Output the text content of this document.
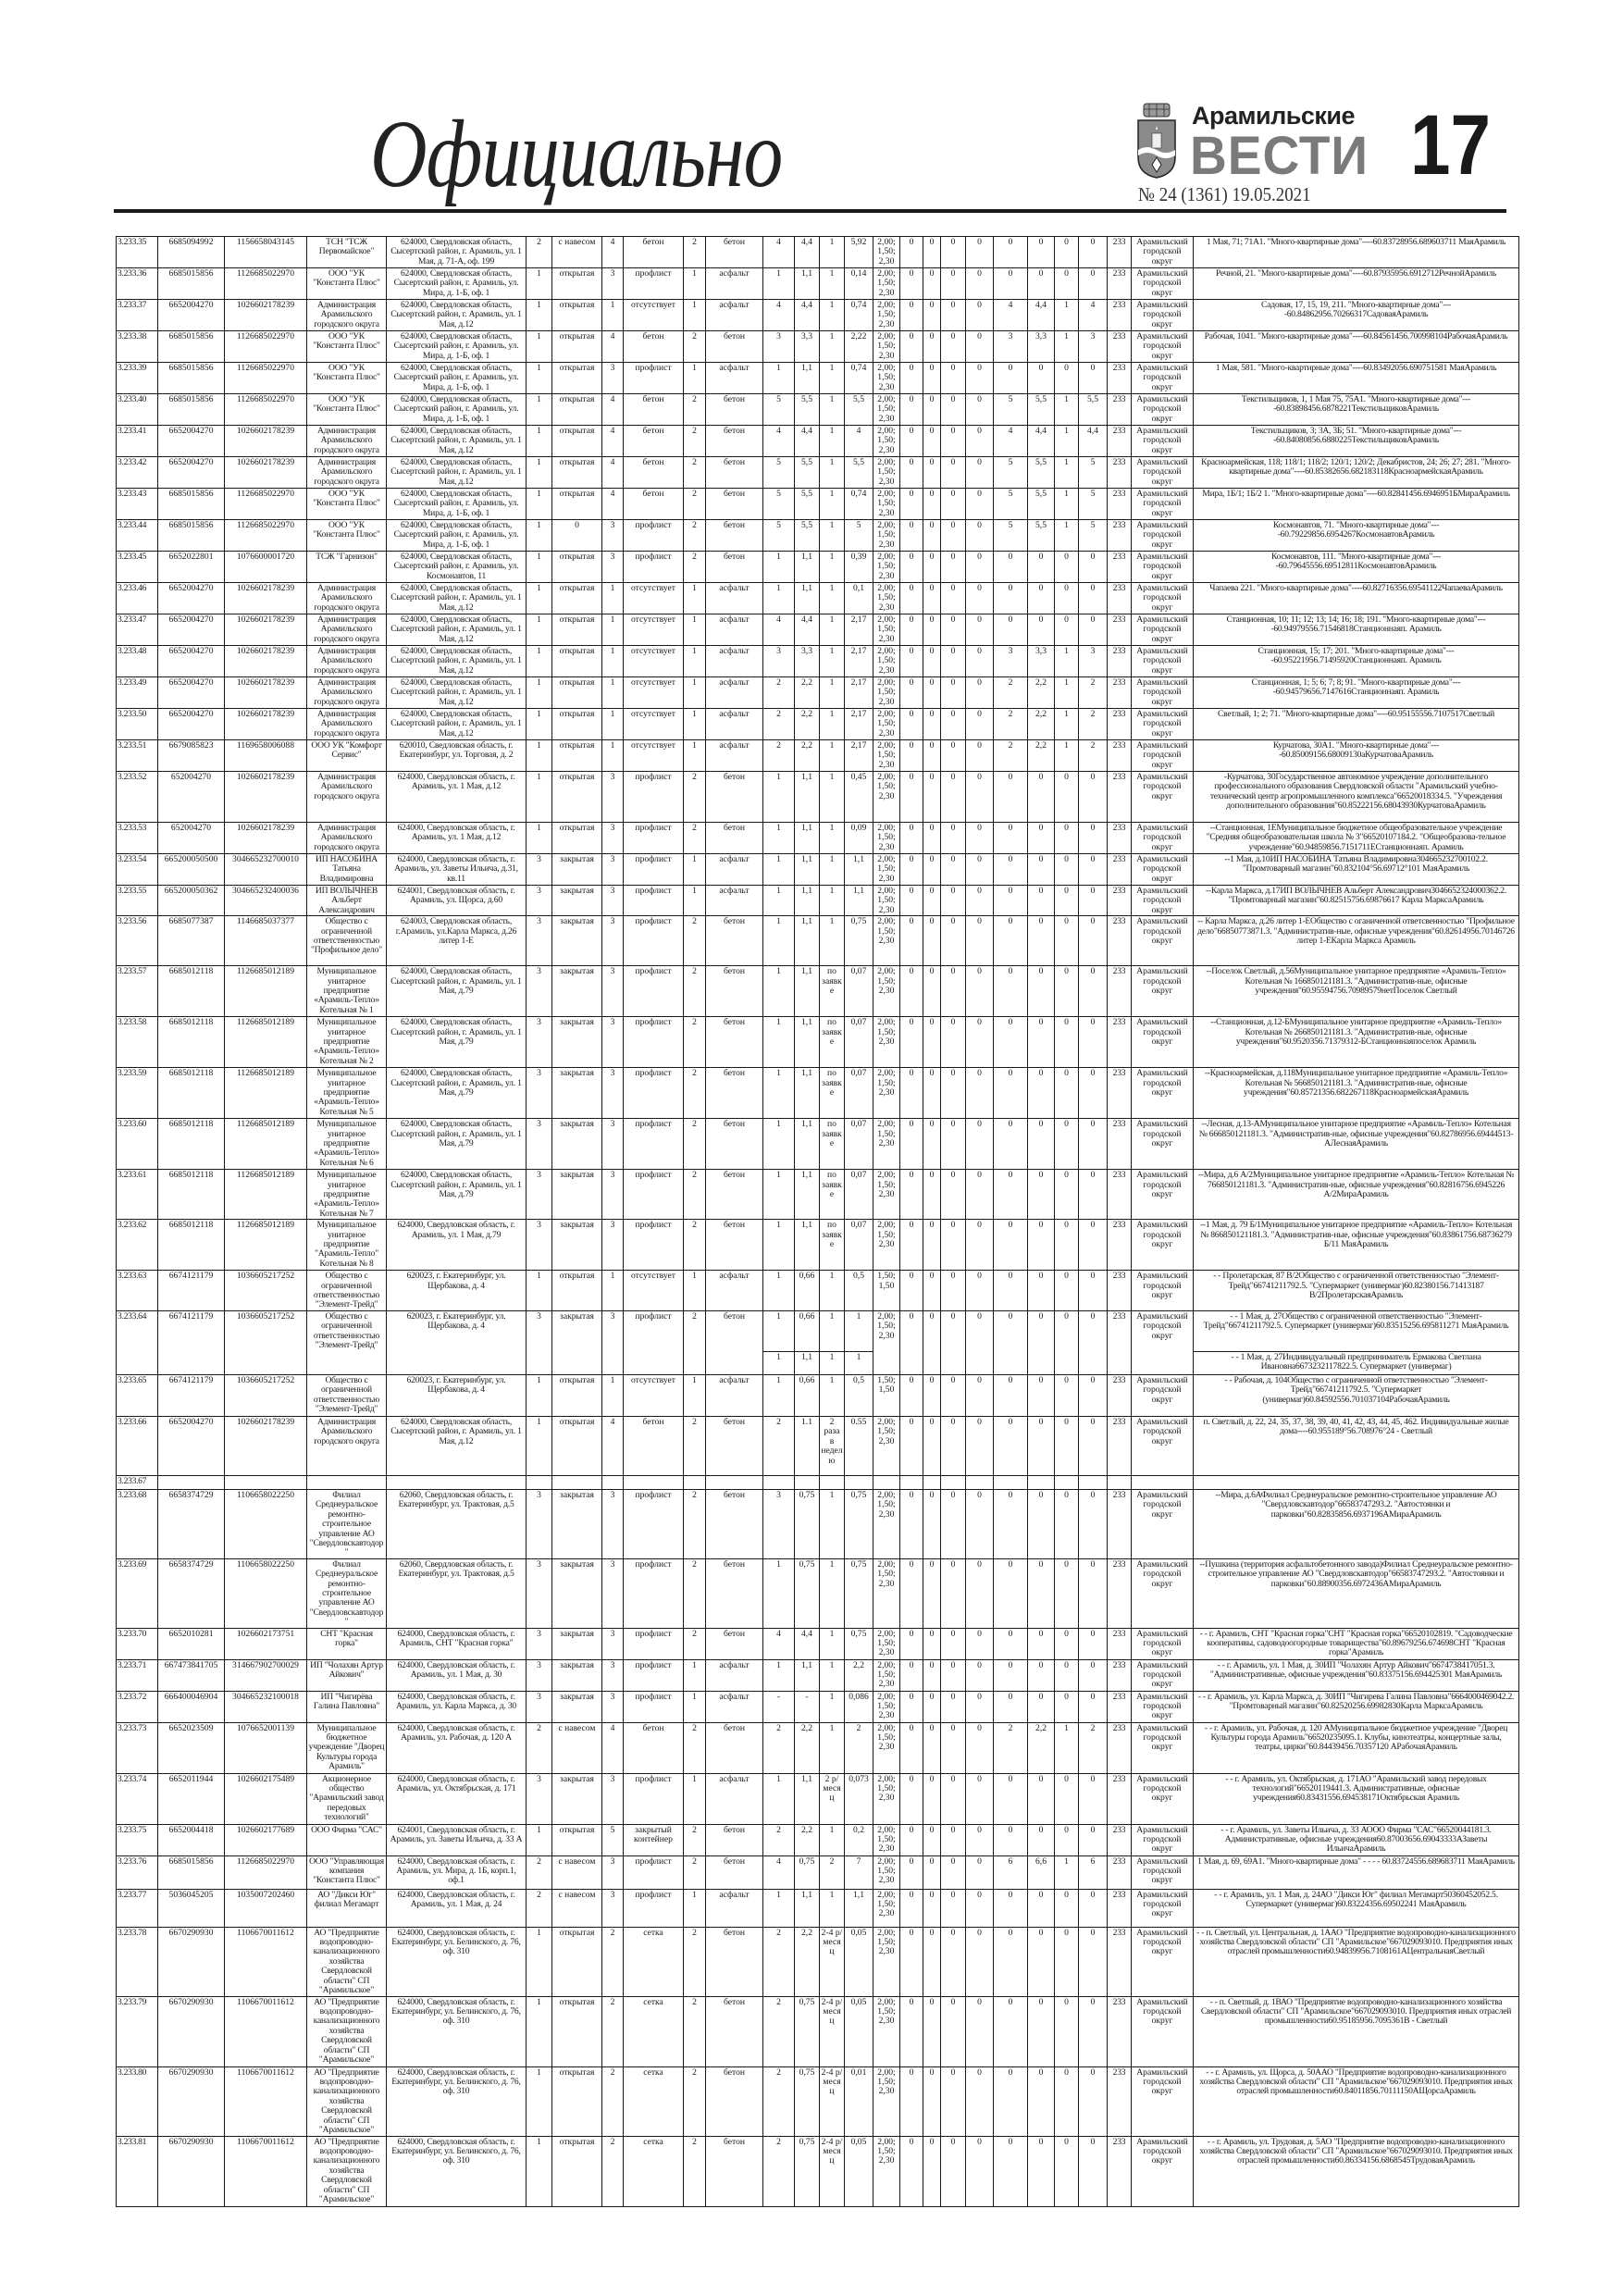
Официально	Арамильские
ВЕСТИ 17
№ 24 (1361) 19.05.2021
3.233.35	6685094992	1156658043145	ТСН "ТСЖ Первомайское"	624000, Свердловская область, Сысертский район, г. Арамиль, ул. 1 Мая, д. 71-А, оф. 199	2	с навесом	4	бетон	2	бетон	4	4,4	1	5,92	2,00; 1,50; 2,30	0	0	0	0	0	0	0	0	233	Арамильский городской округ	1 Мая, 71; 71А1. "Много-квартирные дома"----60.83728956.689603711 МаяАрамиль
3.233.36	6685015856	1126685022970	ООО "УК "Константа Плюс"	624000, Свердловская область, Сысертский район, г. Арамиль, ул. Мира, д. 1-Б, оф. 1	1	открытая	3	профлист	1	асфальт	1	1,1	1	0,14	2,00; 1,50; 2,30	0	0	0	0	0	0	0	0	233	Арамильский городской округ	Речной, 21. "Много-квартирные дома"----60.87935956.6912712РечнойАрамиль
3.233.37	6652004270	1026602178239	Администрация Арамильского городского округа	624000, Свердловская область, Сысертский район, г. Арамиль, ул. 1 Мая, д.12	1	открытая	1	отсутствует	1	асфальт	4	4,4	1	0,74	2,00; 1,50; 2,30	0	0	0	0	4	4,4	1	4	233	Арамильский городской округ	Садовая, 17, 15, 19, 211. "Много-квартирные дома"----60.84862956.70266317СадоваяАрамиль
3.233.38	6685015856	1126685022970	ООО "УК "Константа Плюс"	624000, Свердловская область, Сысертский район, г. Арамиль, ул. Мира, д. 1-Б, оф. 1	1	открытая	4	бетон	2	бетон	3	3,3	1	2,22	2,00; 1,50; 2,30	0	0	0	0	3	3,3	1	3	233	Арамильский городской округ	Рабочая, 1041. "Много-квартирные дома"----60.84561456.700998104РабочаяАрамиль
3.233.39	6685015856	1126685022970	ООО "УК "Константа Плюс"	624000, Свердловская область, Сысертский район, г. Арамиль, ул. Мира, д. 1-Б, оф. 1	1	открытая	3	профлист	1	асфальт	1	1,1	1	0,74	2,00; 1,50; 2,30	0	0	0	0	0	0	0	0	233	Арамильский городской округ	1 Мая, 581. "Много-квартирные дома"----60.83492056.690751581 МаяАрамиль
3.233.40	6685015856	1126685022970	ООО "УК "Константа Плюс"	624000, Свердловская область, Сысертский район, г. Арамиль, ул. Мира, д. 1-Б, оф. 1	1	открытая	4	бетон	2	бетон	5	5,5	1	5,5	2,00; 1,50; 2,30	0	0	0	0	5	5,5	1	5,5	233	Арамильский городской округ	Текстильщиков, 1, 1 Мая 75, 75А1. "Много-квартирные дома"----60.83898456.6878221ТекстильщиковАрамиль
3.233.41	6652004270	1026602178239	Администрация Арамильского городского округа	624000, Свердловская область, Сысертский район, г. Арамиль, ул. 1 Мая, д.12	1	открытая	4	бетон	2	бетон	4	4,4	1	4	2,00; 1,50; 2,30	0	0	0	0	4	4,4	1	4,4	233	Арамильский городской округ	Текстильщиков, 3; 3А, 3Б; 51. "Много-квартирные дома"----60.84080856.6880225ТекстильщиковАрамиль
3.233.42	6652004270	1026602178239	Администрация Арамильского городского округа	624000, Свердловская область, Сысертский район, г. Арамиль, ул. 1 Мая, д.12	1	открытая	4	бетон	2	бетон	5	5,5	1	5,5	2,00; 1,50; 2,30	0	0	0	0	5	5,5	1	5	233	Арамильский городской округ	Красноармейская, 118; 118/1; 118/2; 120/1; 120/2; Декабристов, 24; 26; 27; 281. "Много-квартирные дома"----60.85382656.682183118КрасноармейскаяАрамиль
3.233.43	6685015856	1126685022970	ООО "УК "Константа Плюс"	624000, Свердловская область, Сысертский район, г. Арамиль, ул. Мира, д. 1-Б, оф. 1	1	открытая	4	бетон	2	бетон	5	5,5	1	0,74	2,00; 1,50; 2,30	0	0	0	0	5	5,5	1	5	233	Арамильский городской округ	Мира, 1Б/1; 1Б/2 1. "Много-квартирные дома"----60.82841456.6946951БМираАрамиль
3.233.44	6685015856	1126685022970	ООО "УК "Константа Плюс"	624000, Свердловская область, Сысертский район, г. Арамиль, ул. Мира, д. 1-Б, оф. 1	1	0	3	профлист	2	бетон	5	5,5	1	5	2,00; 1,50; 2,30	0	0	0	0	5	5,5	1	5	233	Арамильский городской округ	Космонавтов, 71. "Много-квартирные дома"----60.79229856.6954267КосмонавтовАрамиль
3.233.45	6652022801	1076600001720	ТСЖ "Гарнизон"	624000, Свердловская область, Сысертский район, г. Арамиль, ул. Космонавтов, 11	1	открытая	3	профлист	2	бетон	1	1,1	1	0,39	2,00; 1,50; 2,30	0	0	0	0	0	0	0	0	233	Арамильский городской округ	Космонавтов, 111. "Много-квартирные дома"----60.79645556.69512811КосмонавтовАрамиль
3.233.46	6652004270	1026602178239	Администрация Арамильского городского округа	624000, Свердловская область, Сысертский район, г. Арамиль, ул. 1 Мая, д.12	1	открытая	1	отсутствует	1	асфальт	1	1,1	1	0,1	2,00; 1,50; 2,30	0	0	0	0	0	0	0	0	233	Арамильский городской округ	Чапаева 221. "Много-квартирные дома"----60.82716356.69541122ЧапаеваАрамиль
3.233.47	6652004270	1026602178239	Администрация Арамильского городского округа	624000, Свердловская область, Сысертский район, г. Арамиль, ул. 1 Мая, д.12	1	открытая	1	отсутствует	1	асфальт	4	4,4	1	2,17	2,00; 1,50; 2,30	0	0	0	0	0	0	0	0	233	Арамильский городской округ	Станционная, 10; 11; 12; 13; 14; 16; 18; 191. "Много-квартирные дома"----60.94979556.71546818Станционнаяп. Арамиль
3.233.48	6652004270	1026602178239	Администрация Арамильского городского округа	624000, Свердловская область, Сысертский район, г. Арамиль, ул. 1 Мая, д.12	1	открытая	1	отсутствует	1	асфальт	3	3,3	1	2,17	2,00; 1,50; 2,30	0	0	0	0	3	3,3	1	3	233	Арамильский городской округ	Станционная, 15; 17; 201. "Много-квартирные дома"----60.95221956.71495920Станционнаяп. Арамиль
3.233.49	6652004270	1026602178239	Администрация Арамильского городского округа	624000, Свердловская область, Сысертский район, г. Арамиль, ул. 1 Мая, д.12	1	открытая	1	отсутствует	1	асфальт	2	2,2	1	2,17	2,00; 1,50; 2,30	0	0	0	0	2	2,2	1	2	233	Арамильский городской округ	Станционная, 1; 5; 6; 7; 8; 91. "Много-квартирные дома"----60.94579656.7147616Станционнаяп. Арамиль
3.233.50	6652004270	1026602178239	Администрация Арамильского городского округа	624000, Свердловская область, Сысертский район, г. Арамиль, ул. 1 Мая, д.12	1	открытая	1	отсутствует	1	асфальт	2	2,2	1	2,17	2,00; 1,50; 2,30	0	0	0	0	2	2,2	1	2	233	Арамильский городской округ	Светлый, 1; 2; 71. "Много-квартирные дома"----60.95155556.7107517Светлый
3.233.51	6679085823	1169658006088	ООО УК "Комфорт Сервис"	620010, Сведловская область, г. Екатеринбург, ул. Торговая, д. 2	1	открытая	1	отсутствует	1	асфальт	2	2,2	1	2,17	2,00; 1,50; 2,30	0	0	0	0	2	2,2	1	2	233	Арамильский городской округ	Курчатова, 30А1. "Много-квартирные дома"----60.85009156.68009130аКурчатоваАрамиль
3.233.52	652004270	1026602178239	Администрация Арамильского городского округа	624000, Свердловская область, г. Арамиль, ул. 1 Мая, д.12	1	открытая	3	профлист	2	бетон	1	1,1	1	0,45	2,00; 1,50; 2,30	0	0	0	0	0	0	0	0	233	Арамильский городской округ	-Курчатова, 30Государственное автономное учреждение дополнительного профессионального образования Свердловской области "Арамильский учебно-технический центр агропромышленного комплекса"66520018334.5. "Учреждения дополнительного образования"60.85222156.68043930КурчатоваАрамиль
3.233.53	652004270	1026602178239	Администрация Арамильского городского округа	624000, Свердловская область, г. Арамиль, ул. 1 Мая, д.12	1	открытая	3	профлист	2	бетон	1	1,1	1	0,09	2,00; 1,50; 2,30	0	0	0	0	0	0	0	0	233	Арамильский городской округ	--Станционная, 1ЕМуниципальное бюджетное общеобразовательное учреждение "Средняя общеобразовательная школа № 3"66520107184.2. "Общеобразова-тельное учреждение"60.94859856.7151711ЕСтанционнаяп. Арамиль
3.233.54	665200050500	304665232700010	ИП НАСОБИНА Татьяна Владимировна	624000, Свердловская область, г. Арамиль, ул. Заветы Ильича, д.31, кв.11	3	закрытая	3	профлист	1	асфальт	1	1,1	1	1,1	2,00; 1,50; 2,30	0	0	0	0	0	0	0	0	233	Арамильский городской округ	--1 Мая, д.10ИП НАСОБИНА Татьяна Владимировна304665232700102.2. "Промтоварный магазин"60.832104°56.69712°101 МаяАрамиль
3.233.55	665200050362	304665232400036	ИП ВОЛЫЧНЕВ Альберт Александрович	624001, Свердловская область, г. Арамиль, ул. Щорса, д.60	3	закрытая	3	профлист	1	асфальт	1	1,1	1	1,1	2,00; 1,50; 2,30	0	0	0	0	0	0	0	0	233	Арамильский городской округ	--Карла Маркса, д.17ИП ВОЛЫЧНЕВ Альберт Александрович3046652324000362.2. "Промтоварный магазин"60.82515756.69876617 Карла МарксаАрамиль
3.233.56	6685077387	1146685037377	Общество с ограниченной ответственностью "Профильное дело"	624003, Свердловская область, г.Арамиль, ул.Карла Маркса, д.26 литер 1-Е	3	закрытая	3	профлист	2	бетон	1	1,1	1	0,75	2,00; 1,50; 2,30	0	0	0	0	0	0	0	0	233	Арамильский городской округ	-- Карла Маркса, д.26 литер 1-ЕОбщество с оганиченной ответсвенностью "Профильное дело"66850773871.3. "Административ-ные, офисные учреждения"60.82614956.70146726 литер 1-ЕКарла Маркса Арамиль
3.233.57	6685012118	1126685012189	Муниципальное унитарное предприятие «Арамиль-Тепло» Котельная № 1	624000, Свердловская область, Сысертский район, г. Арамиль, ул. 1 Мая, д.79	3	закрытая	3	профлист	2	бетон	1	1,1	по заявке	0,07	2,00; 1,50; 2,30	0	0	0	0	0	0	0	0	233	Арамильский городской округ	--Поселок Светлый, д.56Муниципальное унитарное предприятие «Арамиль-Тепло» Котельная № 166850121181.3. "Административ-ные, офисные учреждения"60.95594756.70989579нетПоселок Светлый
3.233.58	6685012118	1126685012189	Муниципальное унитарное предприятие «Арамиль-Тепло» Котельная № 2	624000, Свердловская область, Сысертский район, г. Арамиль, ул. 1 Мая, д.79	3	закрытая	3	профлист	2	бетон	1	1,1	по заявке	0,07	2,00; 1,50; 2,30	0	0	0	0	0	0	0	0	233	Арамильский городской округ	--Станционная, д.12-БМуниципальное унитарное предприятие «Арамиль-Тепло» Котельная № 266850121181.3. "Административ-ные, офисные учреждения"60.9520356.71379312-БСтанционнаяпоселок Арамиль
3.233.59	6685012118	1126685012189	Муниципальное унитарное предприятие «Арамиль-Тепло» Котельная № 5	624000, Свердловская область, Сысертский район, г. Арамиль, ул. 1 Мая, д.79	3	закрытая	3	профлист	2	бетон	1	1,1	по заявке	0,07	2,00; 1,50; 2,30	0	0	0	0	0	0	0	0	233	Арамильский городской округ	--Красноармейская, д.118Муниципальное унитарное предприятие «Арамиль-Тепло» Котельная № 566850121181.3. "Административ-ные, офисные учреждения"60.85721356.682267118КрасноармейскаяАрамиль
3.233.60	6685012118	1126685012189	Муниципальное унитарное предприятие «Арамиль-Тепло» Котельная № 6	624000, Свердловская область, Сысертский район, г. Арамиль, ул. 1 Мая, д.79	3	закрытая	3	профлист	2	бетон	1	1,1	по заявке	0,07	2,00; 1,50; 2,30	0	0	0	0	0	0	0	0	233	Арамильский городской округ	--Лесная, д.13-АМуниципальное унитарное предприятие «Арамиль-Тепло» Котельная № 666850121181.3. "Административ-ные, офисные учреждения"60.82786956.69444513-АЛеснаяАрамиль
3.233.61	6685012118	1126685012189	Муниципальное унитарное предприятие «Арамиль-Тепло» Котельная № 7	624000, Свердловская область, Сысертский район, г. Арамиль, ул. 1 Мая, д.79	3	закрытая	3	профлист	2	бетон	1	1,1	по заявке	0,07	2,00; 1,50; 2,30	0	0	0	0	0	0	0	0	233	Арамильский городской округ	--Мира, д.6 А/2Муниципальное унитарное предприятие «Арамиль-Тепло» Котельная № 766850121181.3. "Административ-ные, офисные учреждения"60.82816756.6945226 А/2МираАрамиль
3.233.62	6685012118	1126685012189	Муниципальное унитарное предприятие "Арамиль-Тепло" Котельная № 8	624000, Свердловская область, г. Арамиль, ул. 1 Мая, д.79	3	закрытая	3	профлист	2	бетон	1	1,1	по заявке	0,07	2,00; 1,50; 2,30	0	0	0	0	0	0	0	0	233	Арамильский городской округ	--1 Мая, д. 79 Б/1Муниципальное унитарное предприятие «Арамиль-Тепло» Котельная № 866850121181.3. "Административ-ные, офисные учреждения"60.83861756.68736279 Б/11 МаяАрамиль
3.233.63	6674121179	1036605217252	Общество с ограниченной ответственностью "Элемент-Трейд"	620023, г. Екатеринбург, ул. Щербакова, д. 4	1	открытая	1	отсутствует	1	асфальт	1	0,66	1	0,5	1,50; 1,50	0	0	0	0	0	0	0	0	233	Арамильский городской округ	- - Пролетарская, 87 В/2Общество с ограниченной ответственностью "Элемент-Трейд"66741211792.5. "Супермаркет (универмаг)60.82380156.71413187 В/2ПролетарскаяАрамиль
3.233.64	6674121179	1036605217252	Общество с ограниченной ответственностью "Элемент-Трейд"	620023, г. Екатеринбург, ул. Щербакова, д. 4	3	закрытая	3	профлист	2	бетон	1	0,66	1	1	2,00; 1,50; 2,30	0	0	0	0	0	0	0	0	233	Арамильский городской округ	- - 1 Мая, д. 27Общество с ограниченной ответственностью "Элемент-Трейд"66741211792.5. Супермаркет (универмаг)60.83515256.695811271 МаяАрамиль
											1	1,1	1	1												- - 1 Мая, д. 27Индивидуальный предприниматель Ермакова Светлана Ивановна6673232117822.5. Супермаркет (универмаг)
3.233.65	6674121179	1036605217252	Общество с ограниченной ответственностью "Элемент-Трейд"	620023, г. Екатеринбург, ул. Щербакова, д. 4	1	открытая	1	отсутствует	1	асфальт	1	0,66	1	0,5	1,50; 1,50	0	0	0	0	0	0	0	0	233	Арамильский городской округ	- - Рабочая, д. 104Общество с ограниченной ответственностью "Элемент-Трейд"66741211792.5. "Супермаркет (универмаг)60.84592556.701037104РабочаяАрамиль
3.233.66	6652004270	1026602178239	Администрация Арамильского городского округа	624000, Свердловская область, Сысертский район, г. Арамиль, ул. 1 Мая, д.12	1	открытая	4	бетон	2	бетон	2	1.1	2 раза в неделю	0.55	2,00; 1,50; 2,30	0	0	0	0	0	0	0	0	233	Арамильский городской округ	п. Светлый, д. 22, 24, 35, 37, 38, 39, 40, 41, 42, 43, 44, 45, 462. Индивидуальные жилые дома----60.955189°56.708976°24 - Светлый
3.233.67																										
3.233.68	6658374729	1106658022250	Филиал Среднеуральское ремонтно-строительное управление АО "Свердловскавтодор"	62060, Свердловская область, г. Екатеринбург, ул. Трактовая, д.5	3	закрытая	3	профлист	2	бетон	3	0,75	1	0,75	2,00; 1,50; 2,30	0	0	0	0	0	0	0	0	233	Арамильский городской округ	--Мира, д.6АФилиал Среднеуральское ремонтно-строительное управление АО "Свердловскавтодор"66583747293.2. "Автостоянки и парковки"60.82835856.6937196АМираАрамиль
3.233.69	6658374729	1106658022250	Филиал Среднеуральское ремонтно-строительное управление АО "Свердловскавтодор"	62060, Свердловская область, г. Екатеринбург, ул. Трактовая, д.5	3	закрытая	3	профлист	2	бетон	1	0,75	1	0,75	2,00; 1,50; 2,30	0	0	0	0	0	0	0	0	233	Арамильский городской округ	--Пушкина (территория асфальтобетонного завода)Филиал Среднеуральское ремонтно-строительное управление АО "Свердловскавтодор"66583747293.2. "Автостоянки и парковки"60.88900356.6972436АМираАрамиль
3.233.70	6652010281	1026602173751	СНТ "Красная горка"	624000, Свердловская область, г. Арамиль, СНТ "Красная горка"	3	закрытая	3	профлист	2	бетон	4	4,4	1	0,75	2,00; 1,50; 2,30	0	0	0	0	0	0	0	0	233	Арамильский городской округ	- - г. Арамиль, СНТ "Красная горка"СНТ "Красная горка"66520102819. "Садоводческие кооперативы, садоводоогородные товарищества"60.89679256.674698СНТ "Красная горка"Арамиль
3.233.71	667473841705	314667902700029	ИП "Чолахян Артур Айкович"	624000, Свердловская область, г. Арамиль, ул. 1 Мая, д. 30	3	закрытая	3	профлист	1	асфальт	1	1,1	1	2,2	2,00; 1,50; 2,30	0	0	0	0	0	0	0	0	233	Арамильский городской округ	- - г. Арамиль, ул. 1 Мая, д. 30ИП "Чолахян Артур Айкович"6674738417051.3. "Административные, офисные учреждения"60.83375156.694425301 МаяАрамиль
3.233.72	666400046904	304665232100018	ИП "Чигирёва Галина Павловна"	624000, Свердловская область, г. Арамиль, ул. Карла Маркса, д. 30	3	закрытая	3	профлист	1	асфальт	-	-	1	0,086	2,00; 1,50; 2,30	0	0	0	0	0	0	0	0	233	Арамильский городской округ	- - г. Арамиль, ул. Карла Маркса, д. 30ИП "Чигирева Галина Павловна"6664000469042.2. "Промтоварный магазин"60.82520256.69982830Карла МарксаАрамиль
3.233.73	6652023509	1076652001139	Муниципальное бюджетное учреждение "Дворец Культуры города Арамиль"	624000, Свердловская область, г. Арамиль, ул. Рабочая, д. 120 А	2	с навесом	4	бетон	2	бетон	2	2,2	1	2	2,00; 1,50; 2,30	0	0	0	0	2	2,2	1	2	233	Арамильский городской округ	- - г. Арамиль, ул. Рабочая, д. 120 АМуниципальное бюджетное учреждение "Дворец Культуры города Арамиль"66520235095.1. Клубы, кинотеатры, концертные залы, театры, цирки"60.84439456.70357120 АРабочаяАрамиль
3.233.74	6652011944	1026602175489	Акционерное общество "Арамильский завод передовых технологий"	624000, Свердловская область, г. Арамиль, ул. Октябрьская, д. 171	3	закрытая	3	профлист	1	асфальт	1	1,1	2 р/месяц	0,073	2,00; 1,50; 2,30	0	0	0	0	0	0	0	0	233	Арамильский городской округ	- - г. Арамиль, ул. Октябрьская, д. 171АО "Арамильский завод передовых технологий"66520119441.3. Административные, офисные учреждения60.83431556.694538171Октябрьская Арамиль
3.233.75	6652004418	1026602177689	ООО Фирма "САС"	624001, Свердловская область, г. Арамиль, ул. Заветы Ильича, д. 33 А	1	открытая	5	закрытый контейнер	2	бетон	2	2,2	1	0,2	2,00; 1,50; 2,30	0	0	0	0	0	0	0	0	233	Арамильский городской округ	- - г. Арамиль, ул. Заветы Ильича, д. 33 АООО Фирма "САС"66520044181.3. Административные, офисные учреждения60.87003656.69043333АЗаветы ИльичаАрамиль
3.233.76	6685015856	1126685022970	ООО "Управляющая компания "Константа Плюс"	624000, Свердловская область, г. Арамиль, ул. Мира, д. 1Б, корп.1, оф.1	2	с навесом	3	профлист	2	бетон	4	0,75	2	7	2,00; 1,50; 2,30	0	0	0	0	6	6,6	1	6	233	Арамильский городской округ	1 Мая, д. 69, 69А1. "Много-квартирные дома" - - - - 60.83724556.689683711 МаяАрамиль
3.233.77	5036045205	1035007202460	АО "Дикси Юг" филиал Мегамарт	624000, Свердловская область, г. Арамиль, ул. 1 Мая, д. 24	2	с навесом	3	профлист	1	асфальт	1	1,1	1	1,1	2,00; 1,50; 2,30	0	0	0	0	0	0	0	0	233	Арамильский городской округ	- - г. Арамиль, ул. 1 Мая, д. 24АО "Дикси Юг" филиал Мегамарт50360452052.5. Супермаркет (универмаг)60.83224356.69502241 МаяАрамиль
3.233.78	6670290930	1106670011612	АО "Предприятие водопроводно-канализационного хозяйства Свердловской области" СП "Арамильское"	624000, Свердловская область, г. Екатеринбург, ул. Белинского, д. 76, оф. 310	1	открытая	2	сетка	2	бетон	2	2,2	2-4 р/месяц	0,05	2,00; 1,50; 2,30	0	0	0	0	0	0	0	0	233	Арамильский городской округ	- - п. Светлый, ул. Центральная, д. 1ААО "Предприятие водопроводно-канализационного хозяйства Свердловской области" СП "Арамильское"667029093010. Предприятия иных отраслей промышленности60.94839956.7108161АЦентральнаяСветлый
3.233.79	6670290930	1106670011612	АО "Предприятие водопроводно-канализационного хозяйства Свердловской области" СП "Арамильское"	624000, Свердловская область, г. Екатеринбург, ул. Белинского, д. 76, оф. 310	1	открытая	2	сетка	2	бетон	2	0,75	2-4 р/месяц	0,05	2,00; 1,50; 2,30	0	0	0	0	0	0	0	0	233	Арамильский городской округ	- - п. Светлый, д. 1ВАО "Предприятие водопроводно-канализационного хозяйства Свердловской области" СП "Арамильское"667029093010. Предприятия иных отраслей промышленности60.95185956.7095361В - Светлый
3.233.80	6670290930	1106670011612	АО "Предприятие водопроводно-канализационного хозяйства Свердловской области" СП "Арамильское"	624000, Свердловская область, г. Екатеринбург, ул. Белинского, д. 76, оф. 310	1	открытая	2	сетка	2	бетон	2	0,75	2-4 р/месяц	0,01	2,00; 1,50; 2,30	0	0	0	0	0	0	0	0	233	Арамильский городской округ	- - г. Арамиль, ул. Щорса, д. 50ААО "Предприятие водопроводно-канализационного хозяйства Свердловской области" СП "Арамильское"667029093010. Предприятия иных отраслей промышленности60.84011856.70111150АЩорсаАрамиль
3.233.81	6670290930	1106670011612	АО "Предприятие водопроводно-канализационного хозяйства Свердловской области" СП "Арамильское"	624000, Свердловская область, г. Екатеринбург, ул. Белинского, д. 76, оф. 310	1	открытая	2	сетка	2	бетон	2	0,75	2-4 р/месяц	0,05	2,00; 1,50; 2,30	0	0	0	0	0	0	0	0	233	Арамильский городской округ	- - г. Арамиль, ул. Трудовая, д. 5АО "Предприятие водопроводно-канализационного хозяйства Свердловской области" СП "Арамильское"667029093010. Предприятия иных отраслей промышленности60.86334156.6868545ТрудоваяАрамиль
